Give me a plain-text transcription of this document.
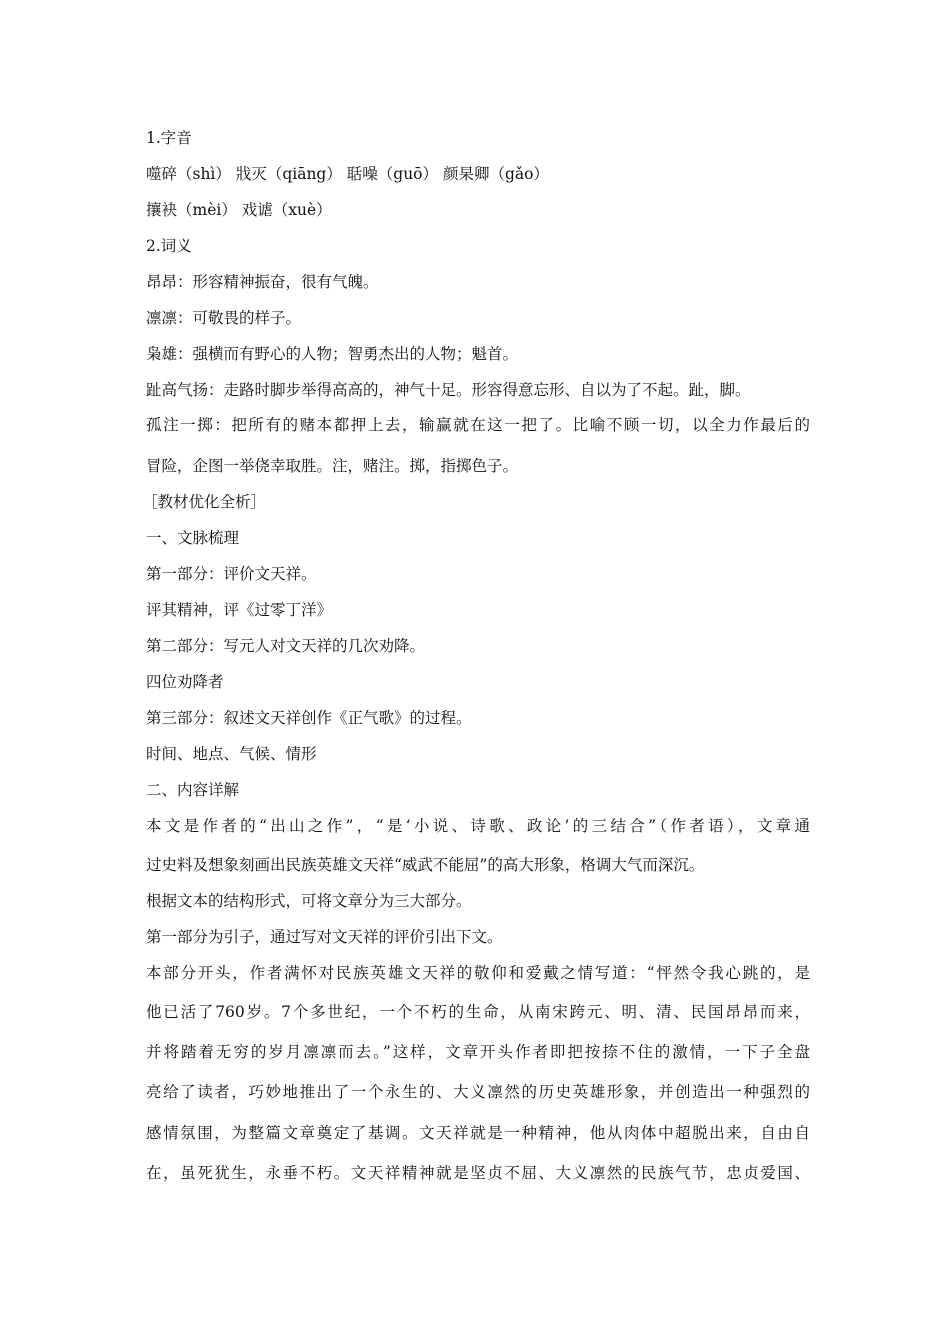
1.字音
噬碎（shì） 戕灭（qiāng） 聒噪（guō） 颜杲卿（gǎo）
攘袂（mèi） 戏谑（xuè）
2.词义
昂昂：形容精神振奋，很有气魄。
凛凛：可敬畏的样子。
枭雄：强横而有野心的人物；智勇杰出的人物；魁首。
趾高气扬：走路时脚步举得高高的，神气十足。形容得意忘形、自以为了不起。趾，脚。
孤注一掷：把所有的赌本都押上去，输赢就在这一把了。比喻不顾一切，以全力作最后的
冒险，企图一举侥幸取胜。注，赌注。掷，指掷色子。
［教材优化全析］
一、文脉梳理
第一部分：评价文天祥。
评其精神，评《过零丁洋》
第二部分：写元人对文天祥的几次劝降。
四位劝降者
第三部分：叙述文天祥创作《正气歌》的过程。
时间、地点、气候、情形
二、内容详解
本文是作者的“出山之作”，“是‘小说、诗歌、政论’的三结合”（作者语），文章通
过史料及想象刻画出民族英雄文天祥“威武不能屈”的高大形象，格调大气而深沉。
根据文本的结构形式，可将文章分为三大部分。
第一部分为引子，通过写对文天祥的评价引出下文。
本部分开头，作者满怀对民族英雄文天祥的敬仰和爱戴之情写道：“怦然令我心跳的，是
他已活了760岁。7个多世纪，一个不朽的生命，从南宋跨元、明、清、民国昂昂而来，
并将踏着无穷的岁月凛凛而去。”这样，文章开头作者即把按捺不住的激情，一下子全盘
亮给了读者，巧妙地推出了一个永生的、大义凛然的历史英雄形象，并创造出一种强烈的
感情氛围，为整篇文章奠定了基调。文天祥就是一种精神，他从肉体中超脱出来，自由自
在，虽死犹生，永垂不朽。文天祥精神就是坚贞不屈、大义凛然的民族气节，忠贞爱国、
